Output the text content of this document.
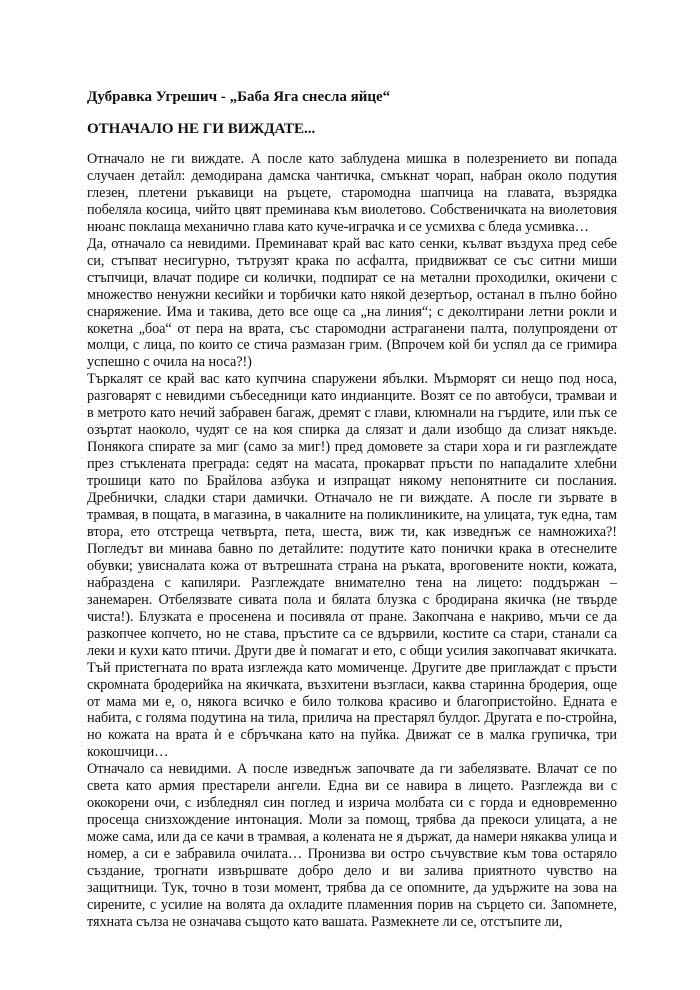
Дубравка Угрешич - „Баба Яга снесла яйце“

ОТНАЧАЛО НЕ ГИ ВИЖДАТЕ...

Отначало не ги виждате. А после като заблудена мишка в полезрението ви попада случаен детайл: демодирана дамска чантичка, смъкнат чорап, набран около подутия глезен, плетени ръкавици на ръцете, старомодна шапчица на главата, възрядка побеляла косица, чийто цвят преминава към виолетово. Собственичката на виолетовия нюанс поклаща механично глава като куче-играчка и се усмихва с бледа усмивка…

Да, отначало са невидими. Преминават край вас като сенки, кълват въздуха пред себе си, стъпват несигурно, тътрузят крака по асфалта, придвижват се със ситни миши стъпчици, влачат подире си колички, подпират се на метални проходилки, окичени с множество ненужни кесийки и торбички като някой дезертьор, останал в пълно бойно снаряжение. Има и такива, дето все още са „на линия“; с деколтирани летни рокли и кокетна „боа“ от пера на врата, със старомодни астраганени палта, полупроядени от молци, с лица, по които се стича размазан грим. (Впрочем кой би успял да се гримира успешно с очила на носа?!)

Търкалят се край вас като купчина спаружени ябълки. Мърморят си нещо под носа, разговарят с невидими събеседници като индианците. Возят се по автобуси, трамваи и в метрото като нечий забравен багаж, дремят с глави, клюмнали на гърдите, или пък се озъртат наоколо, чудят се на коя спирка да слязат и дали изобщо да слизат някъде. Понякога спирате за миг (само за миг!) пред домовете за стари хора и ги разглеждате през стъклената преграда: седят на масата, прокарват пръсти по нападалите хлебни трошици като по Брайлова азбука и изпращат някому непонятните си послания. Дребнички, сладки стари дамички. Отначало не ги виждате. А после ги зървате в трамвая, в пощата, в магазина, в чакалните на поликлиниките, на улицата, тук една, там втора, ето отстреща четвърта, пета, шеста, виж ти, как изведнъж се намножиха?! Погледът ви минава бавно по детайлите: подутите като понички крака в отеснелите обувки; увисналата кожа от вътрешната страна на ръката, вроговените нокти, кожата, набраздена с капиляри. Разглеждате внимателно тена на лицето: поддържан – занемарен. Отбелязвате сивата пола и бялата блузка с бродирана якичка (не твърде чиста!). Блузката е просенена и посивяла от пране. Закопчана е накриво, мъчи се да разкопчее копчето, но не става, пръстите са се вдървили, костите са стари, станали са леки и кухи като птичи. Други две ѝ помагат и ето, с общи усилия закопчават якичката. Тъй пристегната по врата изглежда като момиченце. Другите две приглаждат с пръсти скромната бродерийка на якичката, възхитени възгласи, каква старинна бродерия, още от мама ми е, о, някога всичко е било толкова красиво и благопристойно. Едната е набита, с голяма подутина на тила, прилича на престарял булдог. Другата е по-стройна, но кожата на врата ѝ е сбръчкана като на пуйка. Движат се в малка групичка, три кокошчици…

Отначало са невидими. А после изведнъж започвате да ги забелязвате. Влачат се по света като армия престарели ангели. Една ви се навира в лицето. Разглежда ви с ококорени очи, с избледнял син поглед и изрича молбата си с горда и едновременно просеща снизхождение интонация. Моли за помощ, трябва да прекоси улицата, а не може сама, или да се качи в трамвая, а колената не я държат, да намери някаква улица и номер, а си е забравила очилата… Пронизва ви остро съчувствие към това остаряло създание, трогнати извършвате добро дело и ви залива приятното чувство на защитници. Тук, точно в този момент, трябва да се опомните, да удържите на зова на сирените, с усилие на волята да охладите пламенния порив на сърцето си. Запомнете, тяхната сълза не означава същото като вашата. Размекнете ли се, отстъпите ли,
